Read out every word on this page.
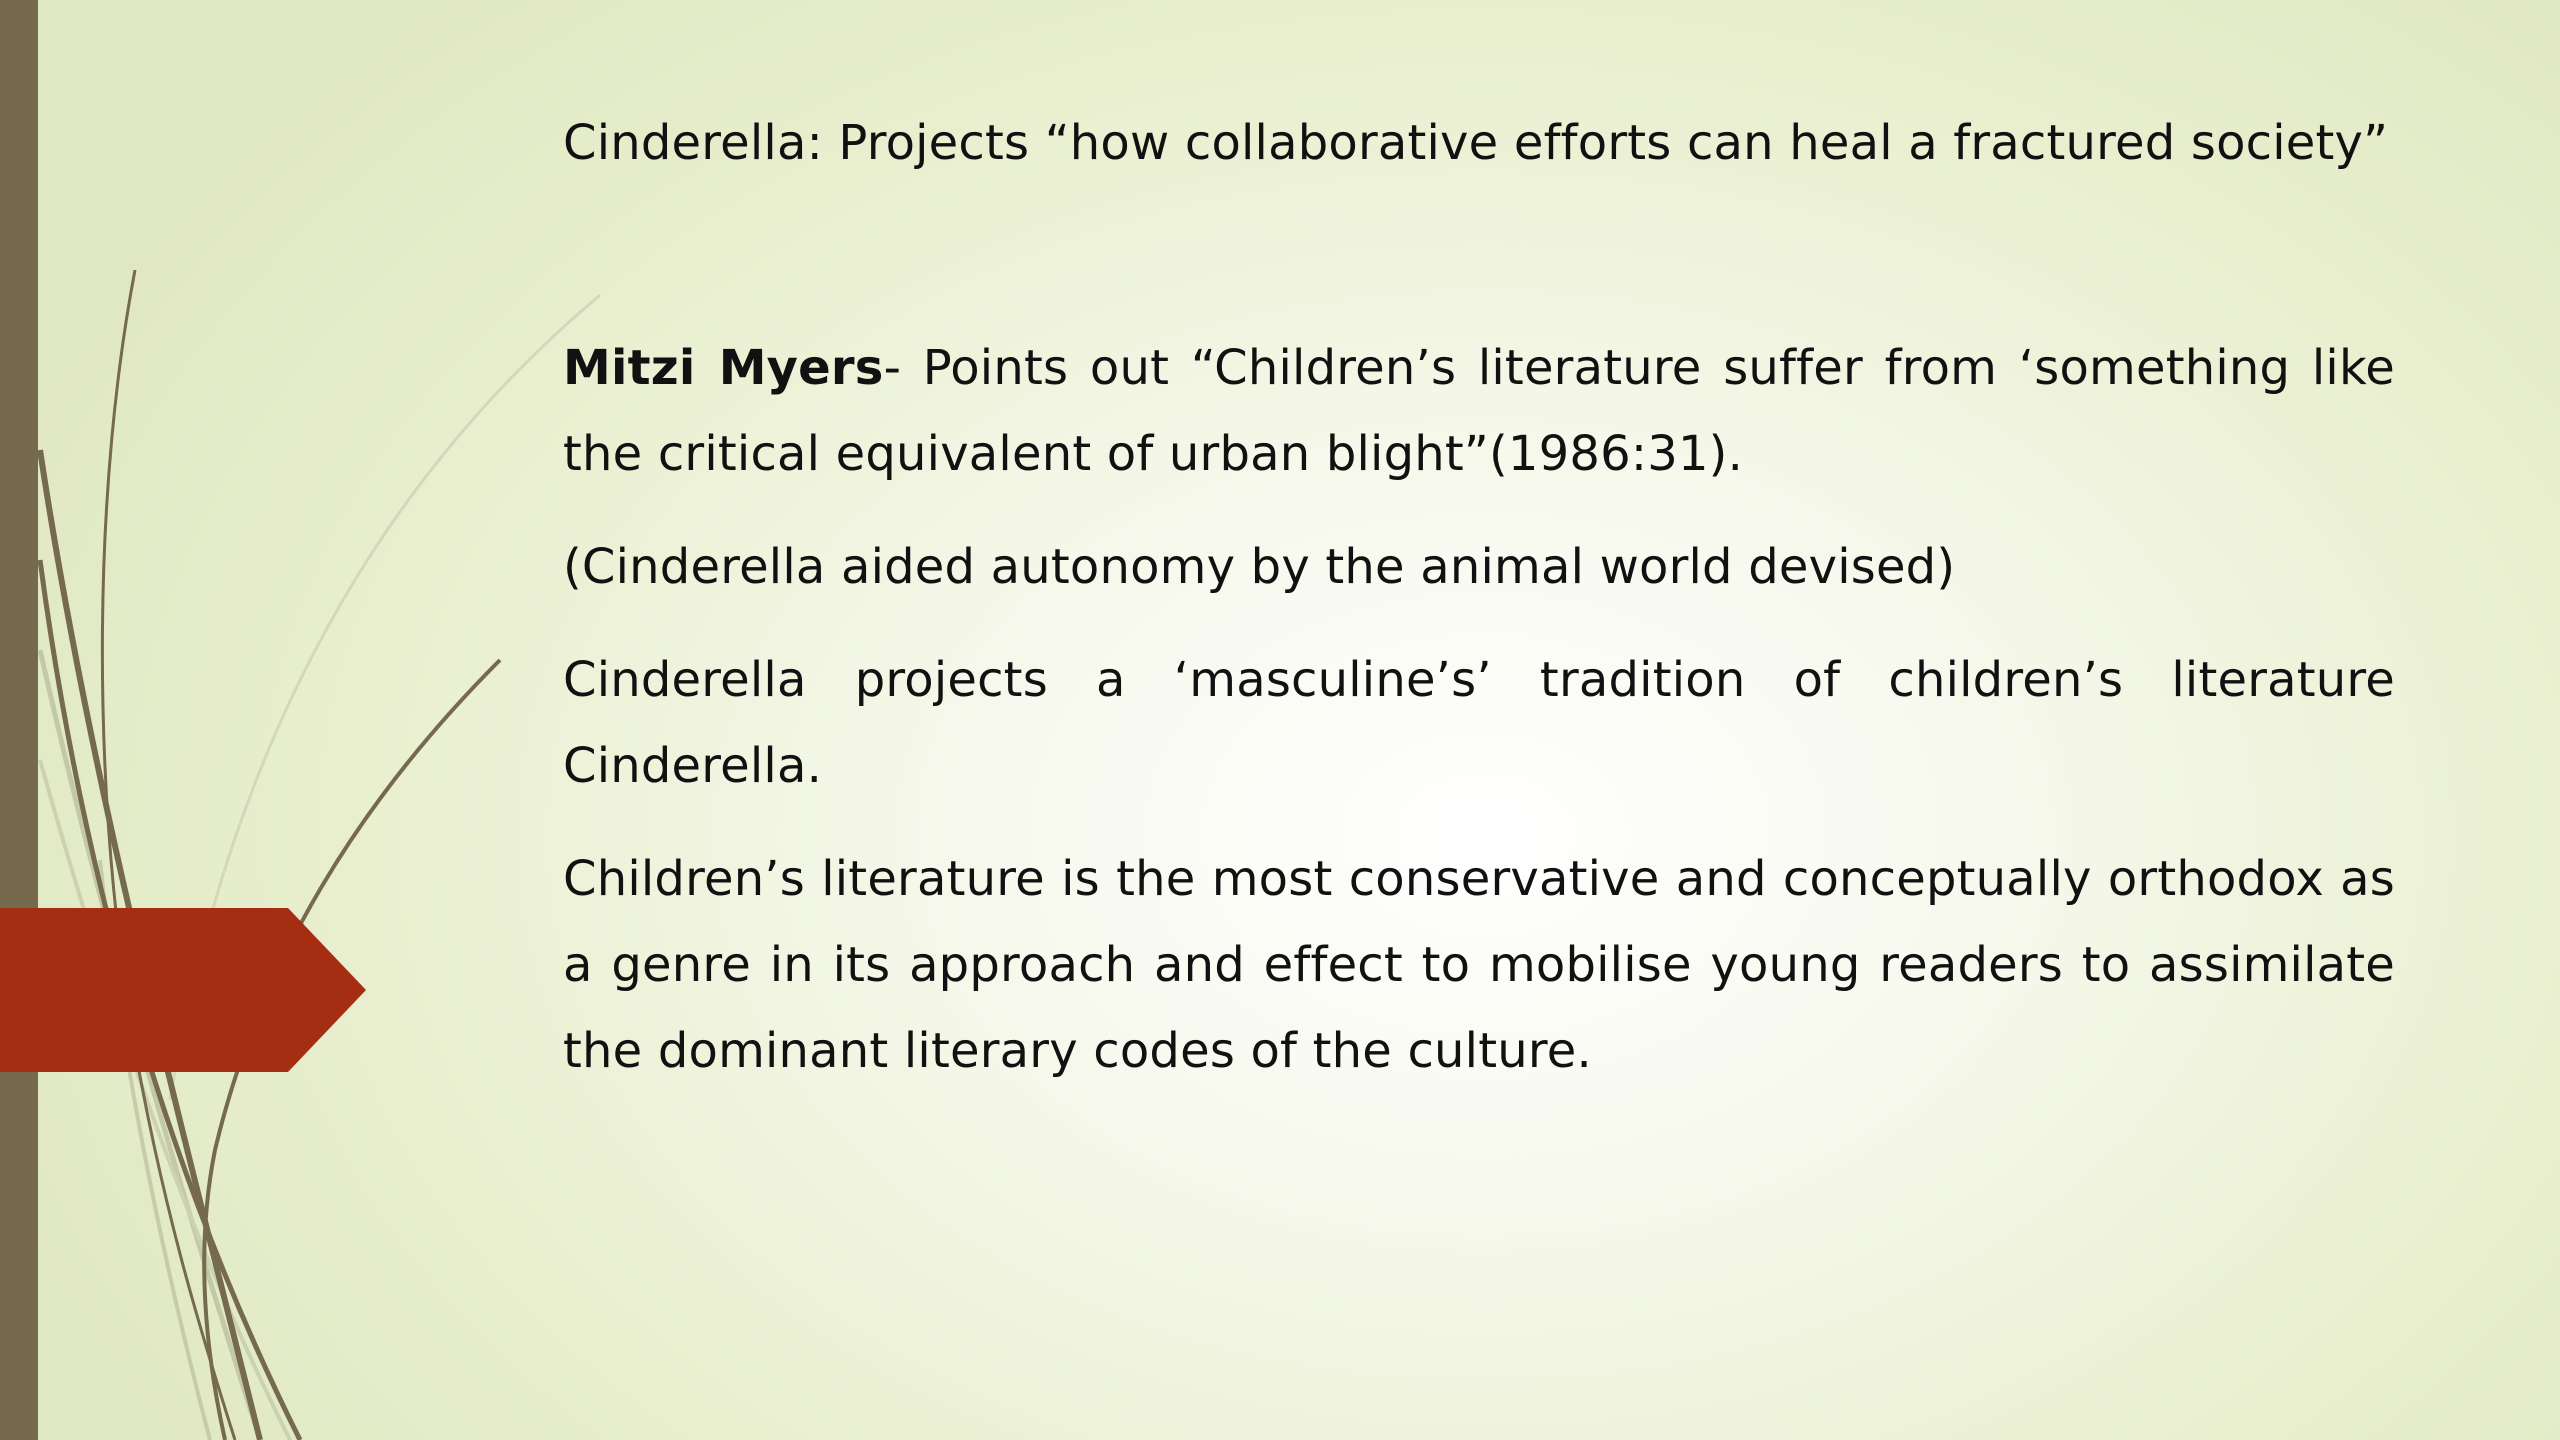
Cinderella: Projects “how collaborative efforts can heal a fractured society”

Mitzi Myers- Points out “Children’s literature suffer from ‘something like the critical equivalent of urban blight”(1986:31).

(Cinderella aided autonomy by the animal world devised)

Cinderella projects a ‘masculine’s’ tradition of children’s literature Cinderella.

Children’s literature is the most conservative and conceptually orthodox as a genre in its approach and effect to mobilise young readers to assimilate the dominant literary codes of the culture.
